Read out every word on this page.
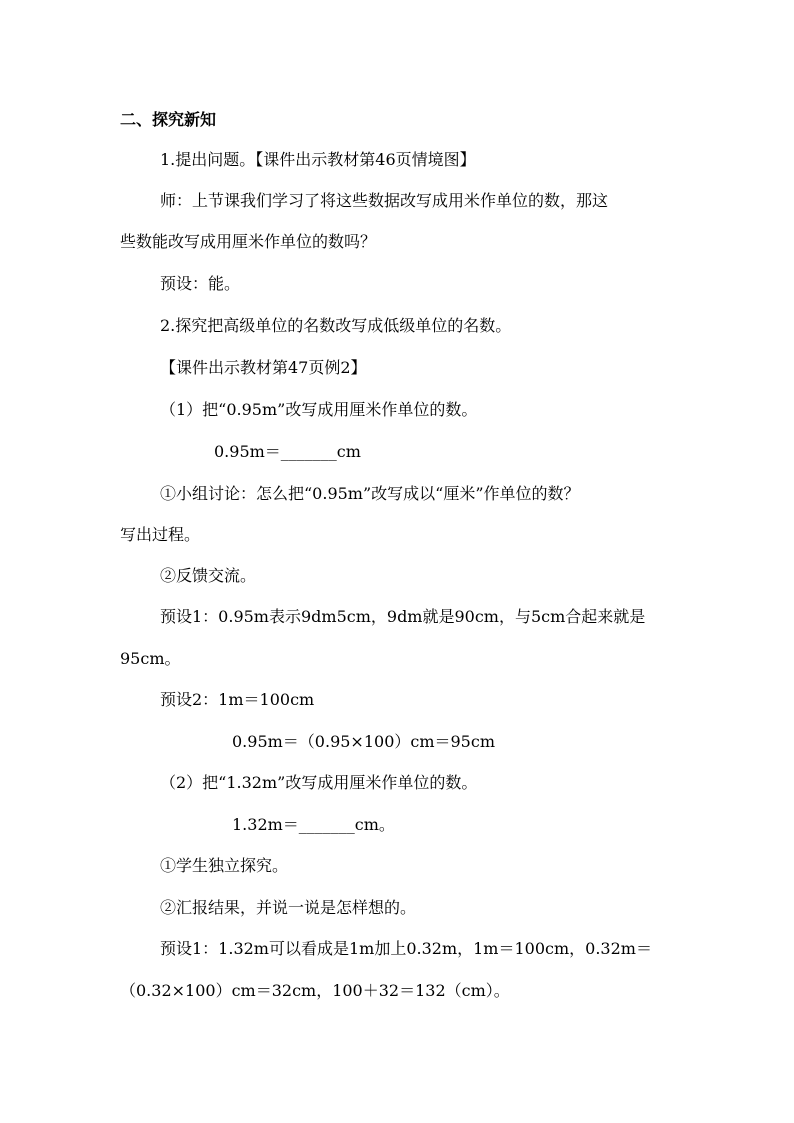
二、探究新知
1.提出问题。【课件出示教材第46页情境图】
师：上节课我们学习了将这些数据改写成用米作单位的数，那这
些数能改写成用厘米作单位的数吗？
预设：能。
2.探究把高级单位的名数改写成低级单位的名数。
【课件出示教材第47页例2】
（1）把“0.95m”改写成用厘米作单位的数。
0.95m＝_______cm
①小组讨论：怎么把“0.95m”改写成以“厘米”作单位的数？
写出过程。
②反馈交流。
预设1：0.95m表示9dm5cm，9dm就是90cm，与5cm合起来就是
95cm。
预设2：1m＝100cm
0.95m＝（0.95×100）cm＝95cm
（2）把“1.32m”改写成用厘米作单位的数。
1.32m＝_______cm。
①学生独立探究。
②汇报结果，并说一说是怎样想的。
预设1：1.32m可以看成是1m加上0.32m，1m＝100cm，0.32m＝
（0.32×100）cm＝32cm，100＋32＝132（cm）。
